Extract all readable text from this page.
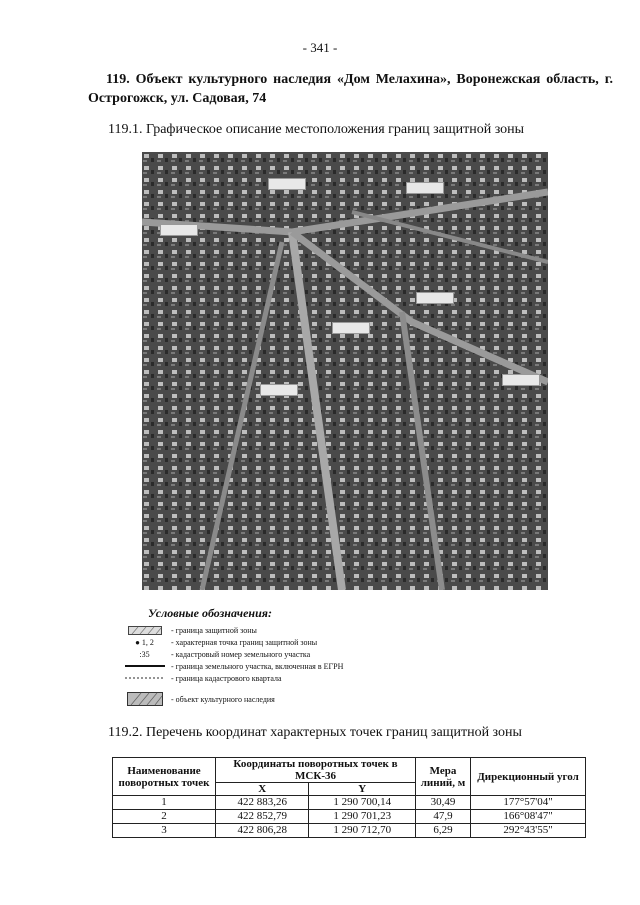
- 341 -
119. Объект культурного наследия «Дом Мелахина», Воронежская область, г. Острогожск, ул. Садовая, 74
119.1. Графическое описание местоположения границ защитной зоны
Условные обозначения:
- граница защитной зоны
● 1, 2	- характерная точка границ защитной зоны
:35	- кадастровый номер земельного участка
- граница земельного участка, включенная в ЕГРН
- граница кадастрового квартала
- объект культурного наследия
119.2. Перечень координат характерных точек границ защитной зоны
Наименование поворотных точек	Координаты поворотных точек в МСК-36		Мера линий, м	Дирекционный угол
	X	Y		
1	422 883,26	1 290 700,14	30,49	177°57'04"
2	422 852,79	1 290 701,23	47,9	166°08'47"
3	422 806,28	1 290 712,70	6,29	292°43'55"
